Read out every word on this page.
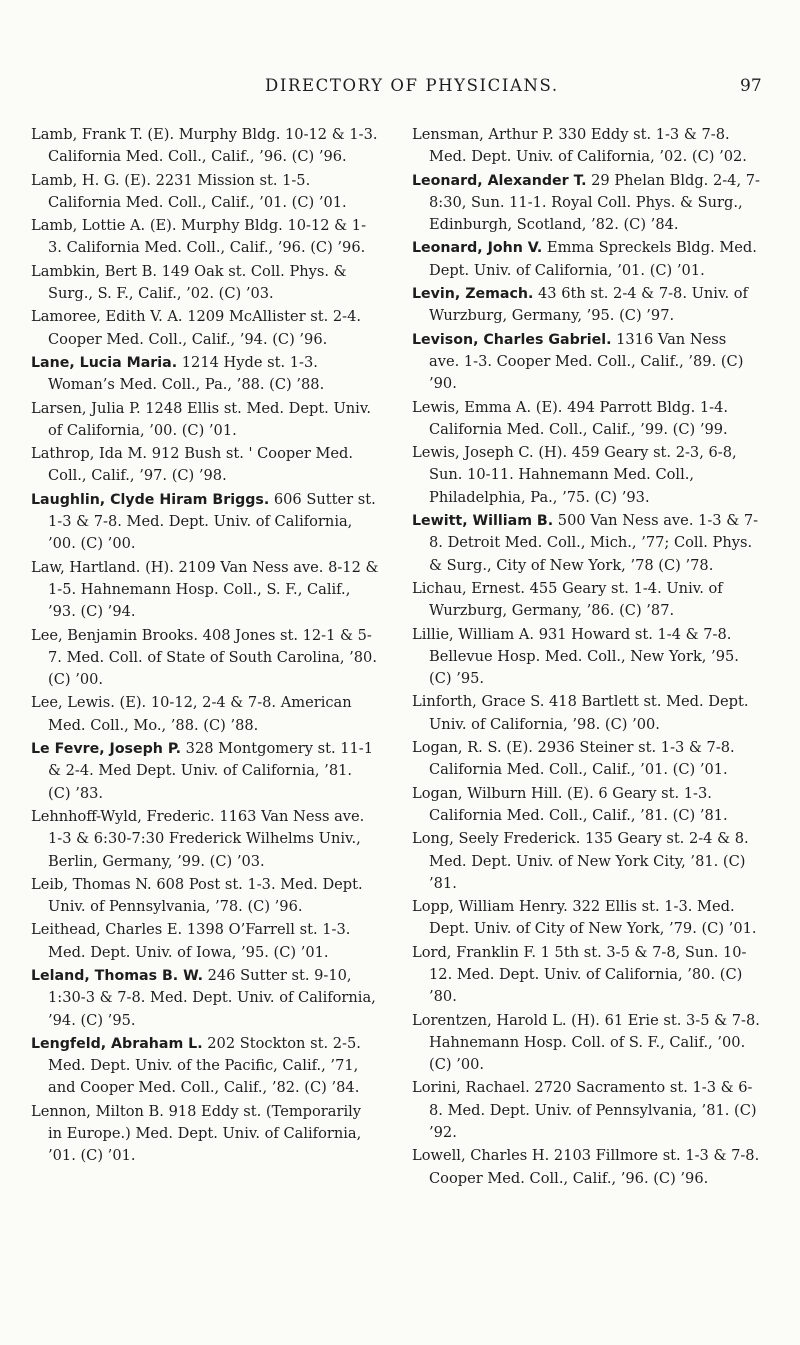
DIRECTORY OF PHYSICIANS.	97

Lamb, Frank T. (E). Murphy Bldg. 10-12 & 1-3. California Med. Coll., Calif., ’96. (C) ’96.

Lamb, H. G. (E). 2231 Mission st. 1-5. California Med. Coll., Calif., ’01. (C) ’01.

Lamb, Lottie A. (E). Murphy Bldg. 10-12 & 1-3. California Med. Coll., Calif., ’96. (C) ’96.

Lambkin, Bert B. 149 Oak st. Coll. Phys. & Surg., S. F., Calif., ’02. (C) ’03.

Lamoree, Edith V. A. 1209 McAllister st. 2-4. Cooper Med. Coll., Calif., ’94. (C) ’96.

Lane, Lucia Maria. 1214 Hyde st. 1-3. Woman’s Med. Coll., Pa., ’88. (C) ’88.

Larsen, Julia P. 1248 Ellis st. Med. Dept. Univ. of California, ’00. (C) ’01.

Lathrop, Ida M. 912 Bush st. ' Cooper Med. Coll., Calif., ’97. (C) ’98.

Laughlin, Clyde Hiram Briggs. 606 Sutter st. 1-3 & 7-8. Med. Dept. Univ. of California, ’00. (C) ’00.

Law, Hartland. (H). 2109 Van Ness ave. 8-12 & 1-5. Hahnemann Hosp. Coll., S. F., Calif., ’93. (C) ’94.

Lee, Benjamin Brooks. 408 Jones st. 12-1 & 5-7. Med. Coll. of State of South Carolina, ’80. (C) ’00.

Lee, Lewis. (E). 10-12, 2-4 & 7-8. American Med. Coll., Mo., ’88. (C) ’88.

Le Fevre, Joseph P. 328 Montgomery st. 11-1 & 2-4. Med Dept. Univ. of California, ’81. (C) ’83.

Lehnhoff-Wyld, Frederic. 1163 Van Ness ave. 1-3 & 6:30-7:30 Frederick Wilhelms Univ., Berlin, Germany, ’99. (C) ’03.

Leib, Thomas N. 608 Post st. 1-3. Med. Dept. Univ. of Pennsylvania, ’78. (C) ’96.

Leithead, Charles E. 1398 O’Farrell st. 1-3. Med. Dept. Univ. of Iowa, ’95. (C) ’01.

Leland, Thomas B. W. 246 Sutter st. 9-10, 1:30-3 & 7-8. Med. Dept. Univ. of California, ’94. (C) ’95.

Lengfeld, Abraham L. 202 Stockton st. 2-5. Med. Dept. Univ. of the Pacific, Calif., ’71, and Cooper Med. Coll., Calif., ’82. (C) ’84.

Lennon, Milton B. 918 Eddy st. (Temporarily in Europe.) Med. Dept. Univ. of California, ’01. (C) ’01.

Lensman, Arthur P. 330 Eddy st. 1-3 & 7-8. Med. Dept. Univ. of California, ’02. (C) ’02.

Leonard, Alexander T. 29 Phelan Bldg. 2-4, 7-8:30, Sun. 11-1. Royal Coll. Phys. & Surg., Edinburgh, Scotland, ’82. (C) ’84.

Leonard, John V. Emma Spreckels Bldg. Med. Dept. Univ. of California, ’01. (C) ’01.

Levin, Zemach. 43 6th st. 2-4 & 7-8. Univ. of Wurzburg, Germany, ’95. (C) ’97.

Levison, Charles Gabriel. 1316 Van Ness ave. 1-3. Cooper Med. Coll., Calif., ’89. (C) ’90.

Lewis, Emma A. (E). 494 Parrott Bldg. 1-4. California Med. Coll., Calif., ’99. (C) ’99.

Lewis, Joseph C. (H). 459 Geary st. 2-3, 6-8, Sun. 10-11. Hahnemann Med. Coll., Philadelphia, Pa., ’75. (C) ’93.

Lewitt, William B. 500 Van Ness ave. 1-3 & 7-8. Detroit Med. Coll., Mich., ’77; Coll. Phys. & Surg., City of New York, ’78 (C) ’78.

Lichau, Ernest. 455 Geary st. 1-4. Univ. of Wurzburg, Germany, ’86. (C) ’87.

Lillie, William A. 931 Howard st. 1-4 & 7-8. Bellevue Hosp. Med. Coll., New York, ’95. (C) ’95.

Linforth, Grace S. 418 Bartlett st. Med. Dept. Univ. of California, ’98. (C) ’00.

Logan, R. S. (E). 2936 Steiner st. 1-3 & 7-8. California Med. Coll., Calif., ’01. (C) ’01.

Logan, Wilburn Hill. (E). 6 Geary st. 1-3. California Med. Coll., Calif., ’81. (C) ’81.

Long, Seely Frederick. 135 Geary st. 2-4 & 8. Med. Dept. Univ. of New York City, ’81. (C) ’81.

Lopp, William Henry. 322 Ellis st. 1-3. Med. Dept. Univ. of City of New York, ’79. (C) ’01.

Lord, Franklin F. 1 5th st. 3-5 & 7-8, Sun. 10-12. Med. Dept. Univ. of California, ’80. (C) ’80.

Lorentzen, Harold L. (H). 61 Erie st. 3-5 & 7-8. Hahnemann Hosp. Coll. of S. F., Calif., ’00. (C) ’00.

Lorini, Rachael. 2720 Sacramento st. 1-3 & 6-8. Med. Dept. Univ. of Pennsylvania, ’81. (C) ’92.

Lowell, Charles H. 2103 Fillmore st. 1-3 & 7-8. Cooper Med. Coll., Calif., ’96. (C) ’96.
